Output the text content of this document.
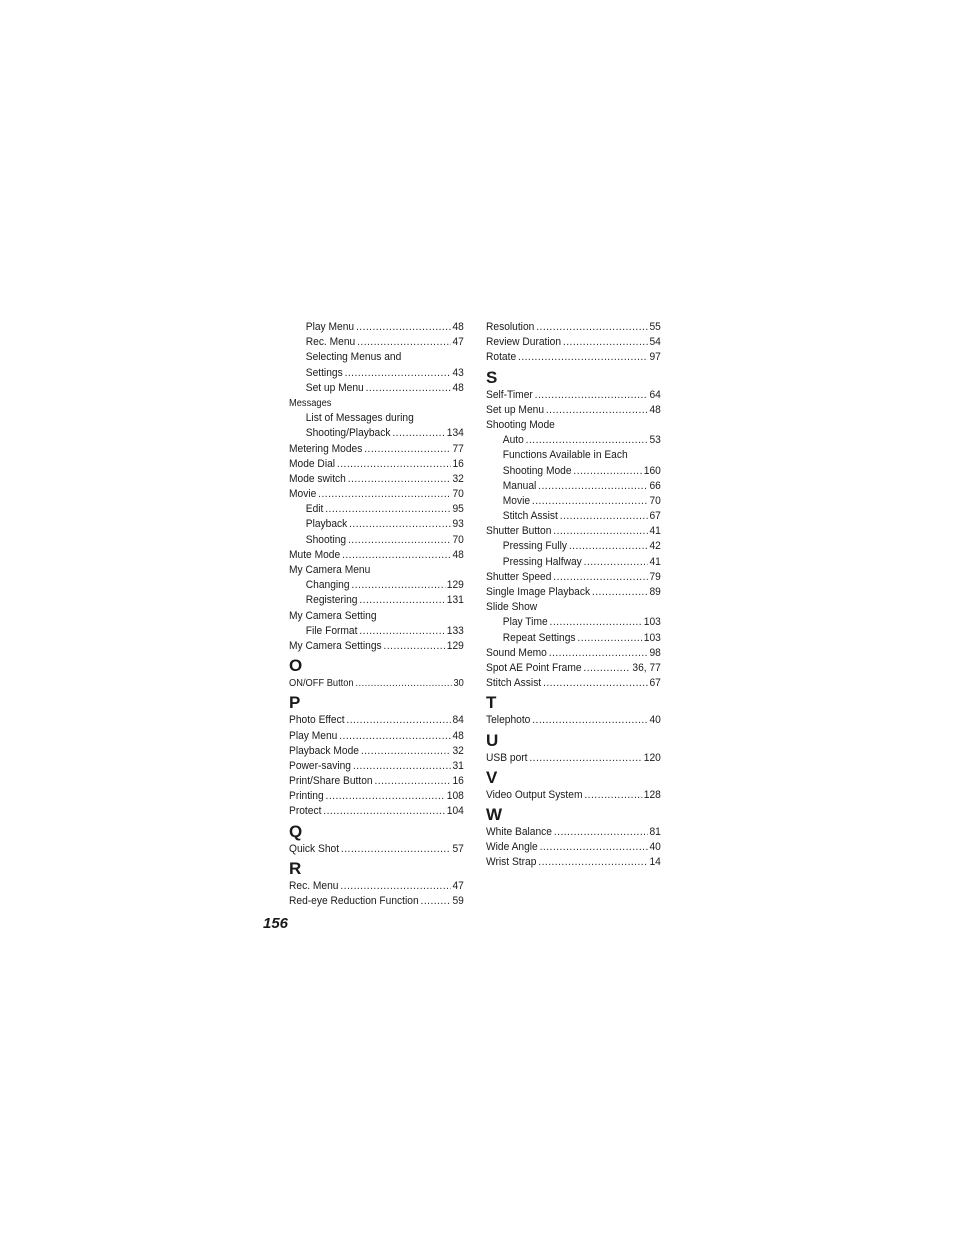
Play Menu .....	48
Rec. Menu .....	47
Selecting Menus and
Settings .....	43
Set up Menu .....	48
Messages
List of Messages during
Shooting/Playback .....	134
Metering Modes .....	77
Mode Dial .....	16
Mode switch .....	32
Movie .....	70
Edit .....	95
Playback .....	93
Shooting .....	70
Mute Mode .....	48
My Camera Menu
Changing .....	129
Registering .....	131
My Camera Setting
File Format .....	133
My Camera Settings .....	129
O
ON/OFF Button .....	30
P
Photo Effect .....	84
Play Menu .....	48
Playback Mode .....	32
Power-saving .....	31
Print/Share Button .....	16
Printing .....	108
Protect .....	104
Q
Quick Shot .....	57
R
Rec. Menu .....	47
Red-eye Reduction Function .....	59
Resolution .....	55
Review Duration .....	54
Rotate .....	97
S
Self-Timer .....	64
Set up Menu .....	48
Shooting Mode
Auto .....	53
Functions Available in Each
Shooting Mode .....	160
Manual .....	66
Movie .....	70
Stitch Assist .....	67
Shutter Button .....	41
Pressing Fully .....	42
Pressing Halfway .....	41
Shutter Speed .....	79
Single Image Playback .....	89
Slide Show
Play Time .....	103
Repeat Settings .....	103
Sound Memo .....	98
Spot AE Point Frame .....	36, 77
Stitch Assist .....	67
T
Telephoto .....	40
U
USB port .....	120
V
Video Output System .....	128
W
White Balance .....	81
Wide Angle .....	40
Wrist Strap .....	14
156
